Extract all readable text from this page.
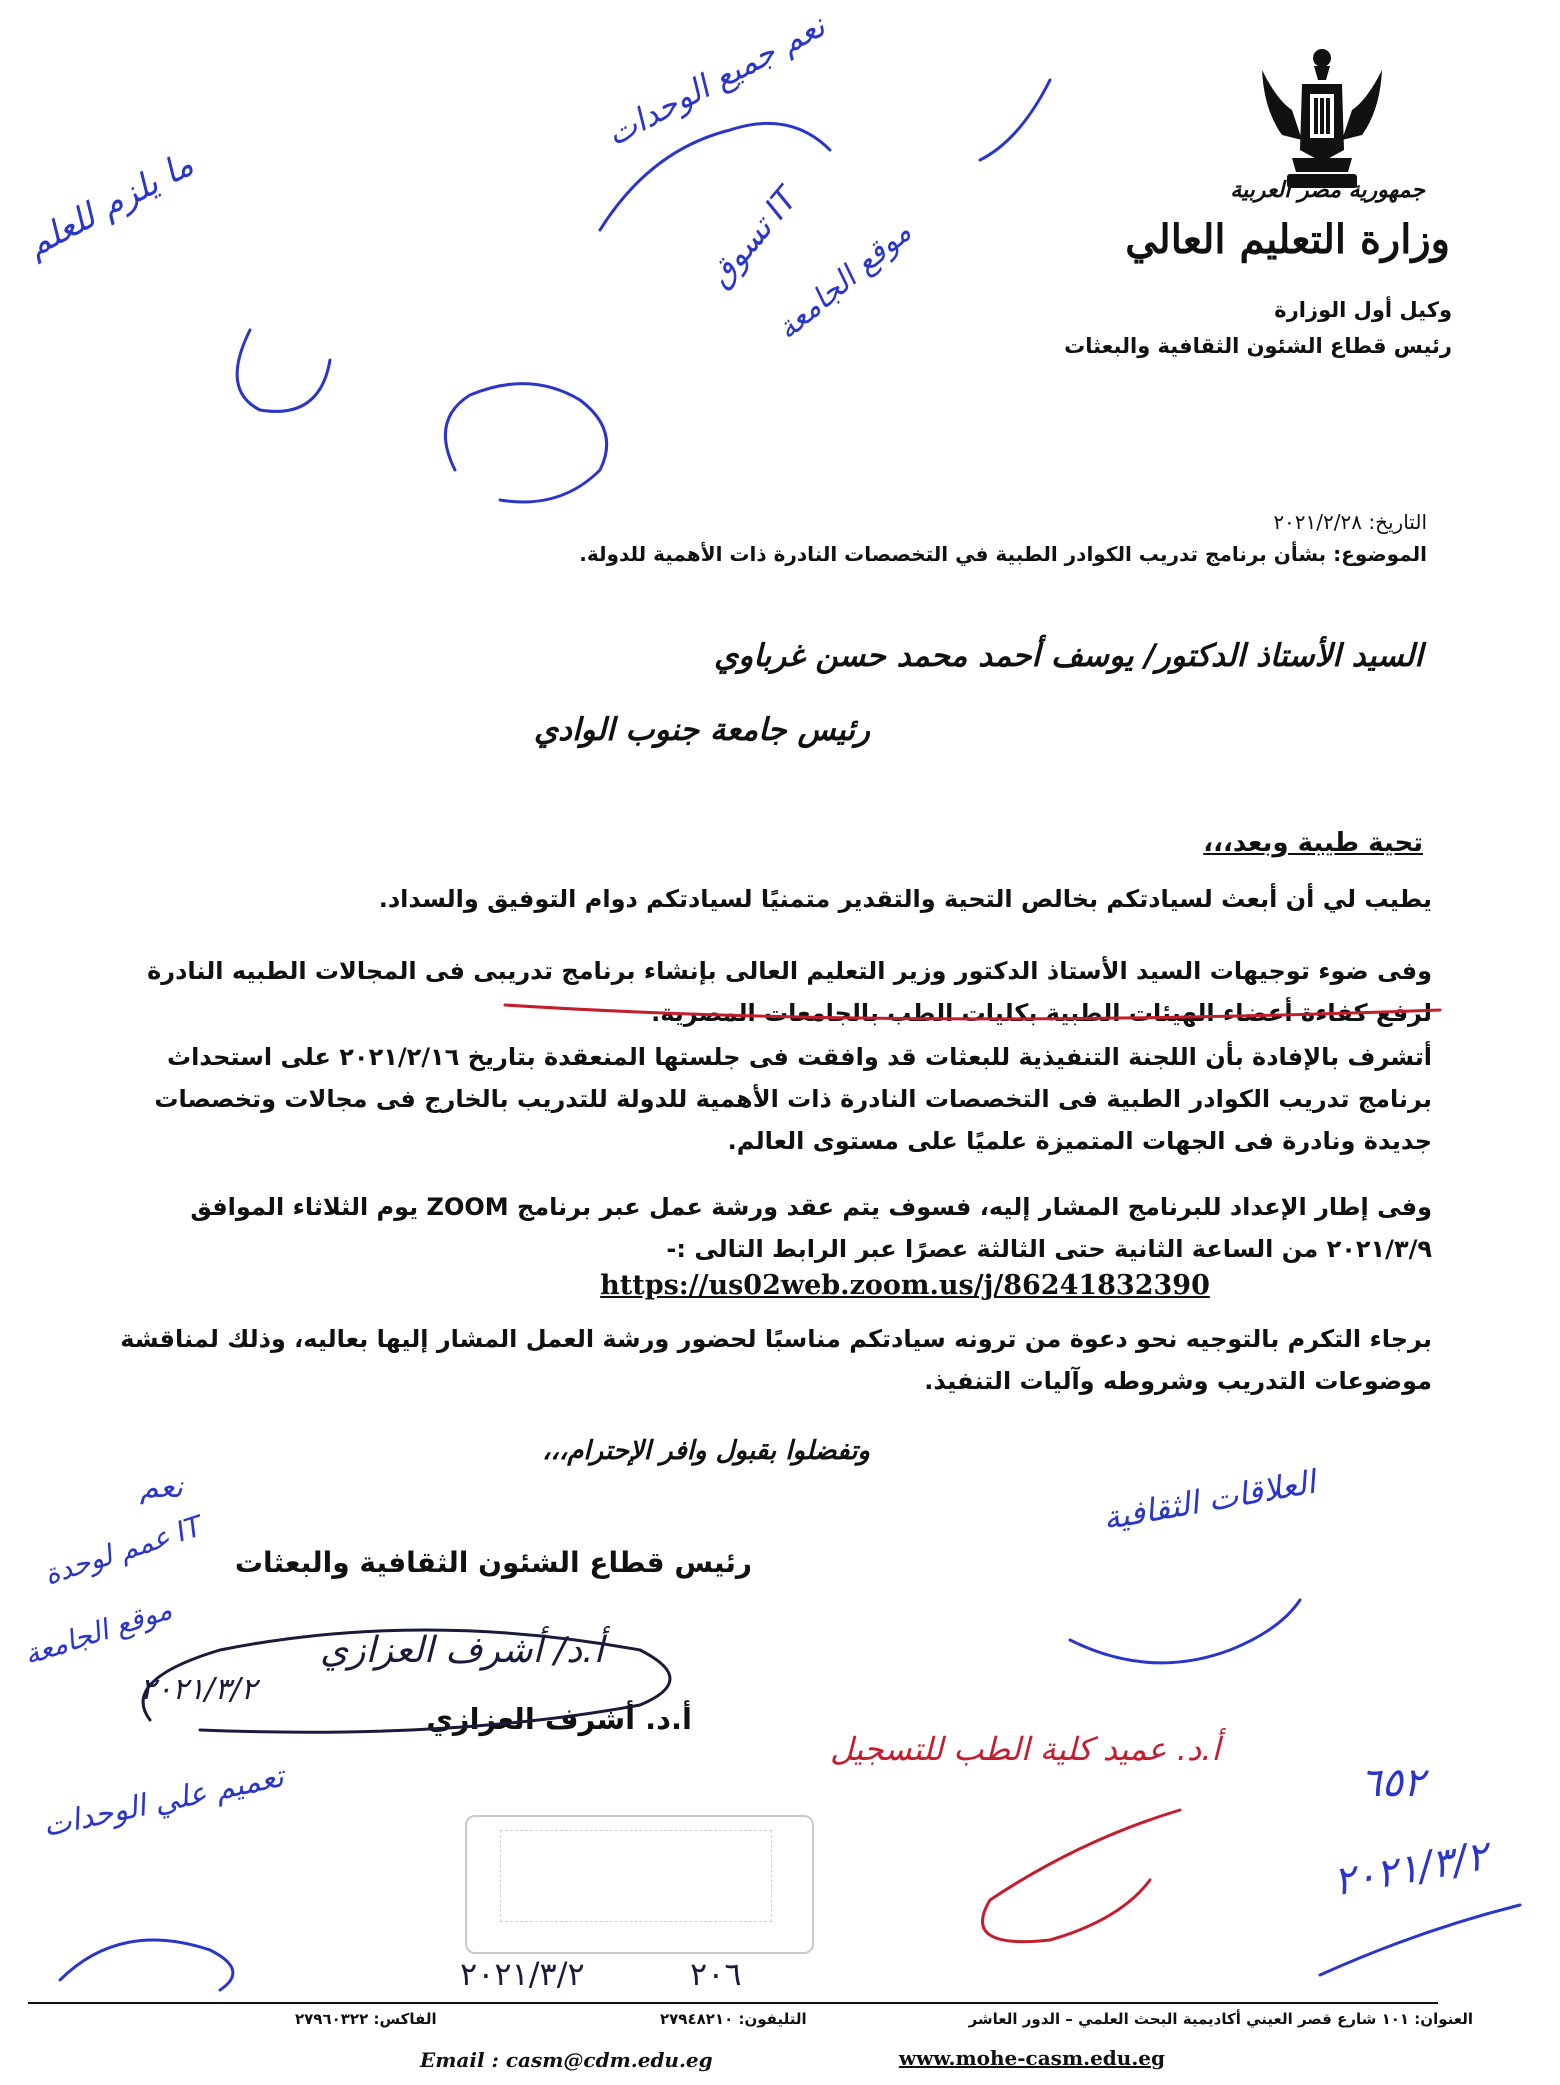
جمهورية مصر العربية
وزارة التعليم العالي
وكيل أول الوزارة
رئيس قطاع الشئون الثقافية والبعثات
التاريخ: ٢٠٢١/٢/٢٨
الموضوع: بشأن برنامج تدريب الكوادر الطبية في التخصصات النادرة ذات الأهمية للدولة.
السيد الأستاذ الدكتور/ يوسف أحمد محمد حسن غرباوي
رئيس جامعة جنوب الوادي
تحية طيبة وبعد،،،
يطيب لي أن أبعث لسيادتكم بخالص التحية والتقدير متمنيًا لسيادتكم دوام التوفيق والسداد.
وفى ضوء توجيهات السيد الأستاذ الدكتور وزير التعليم العالى بإنشاء برنامج تدريبى فى المجالات الطبيه النادرة لرفع كفاءة أعضاء الهيئات الطبية بكليات الطب بالجامعات المصرية.
أتشرف بالإفادة بأن اللجنة التنفيذية للبعثات قد وافقت فى جلستها المنعقدة بتاريخ ٢٠٢١/٢/١٦ على استحداث برنامج تدريب الكوادر الطبية فى التخصصات النادرة ذات الأهمية للدولة للتدريب بالخارج فى مجالات وتخصصات جديدة ونادرة فى الجهات المتميزة علميًا على مستوى العالم.
وفى إطار الإعداد للبرنامج المشار إليه، فسوف يتم عقد ورشة عمل عبر برنامج ZOOM يوم الثلاثاء الموافق ٢٠٢١/٣/٩ من الساعة الثانية حتى الثالثة عصرًا عبر الرابط التالى :-
https://us02web.zoom.us/j/86241832390
برجاء التكرم بالتوجيه نحو دعوة من ترونه سيادتكم مناسبًا لحضور ورشة العمل المشار إليها بعاليه، وذلك لمناقشة موضوعات التدريب وشروطه وآليات التنفيذ.
وتفضلوا بقبول وافر الإحترام،،،
رئيس قطاع الشئون الثقافية والبعثات
أ.د. أشرف العزازي
ما يلزم للعلم
نعم جميع الوحدات
تسوق IT
موقع الجامعة
نعم
عمم لوحدة IT
موقع الجامعة
٢٠٢١/٣/٢
أ.د/ أشرف العزازي
تعميم علي الوحدات
العلاقات الثقافية
أ.د. عميد كلية الطب للتسجيل
٦٥٢
٢٠٢١/٣/٢
٢٠٢١/٣/٢	٢٠٦
العنوان: ١٠١ شارع قصر العيني أكاديمية البحث العلمي – الدور العاشر
التليفون: ٢٧٩٤٨٢١٠
الفاكس: ٢٧٩٦٠٣٢٢
www.mohe-casm.edu.eg
Email : casm@cdm.edu.eg
